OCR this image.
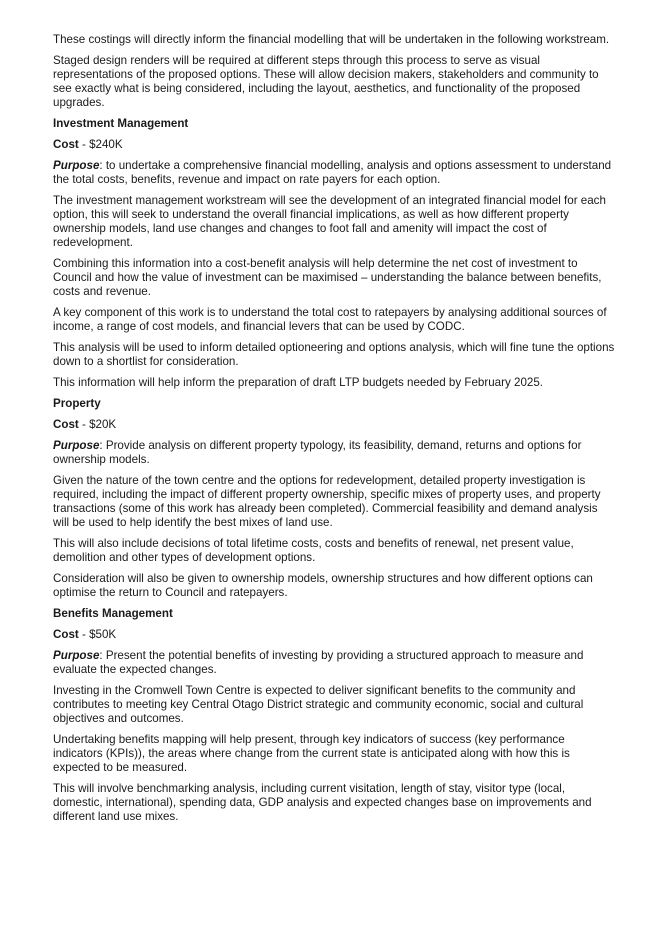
These costings will directly inform the financial modelling that will be undertaken in the following workstream.

Staged design renders will be required at different steps through this process to serve as visual representations of the proposed options. These will allow decision makers, stakeholders and community to see exactly what is being considered, including the layout, aesthetics, and functionality of the proposed upgrades.

Investment Management

Cost - $240K

Purpose: to undertake a comprehensive financial modelling, analysis and options assessment to understand the total costs, benefits, revenue and impact on rate payers for each option.

The investment management workstream will see the development of an integrated financial model for each option, this will seek to understand the overall financial implications, as well as how different property ownership models, land use changes and changes to foot fall and amenity will impact the cost of redevelopment.

Combining this information into a cost-benefit analysis will help determine the net cost of investment to Council and how the value of investment can be maximised – understanding the balance between benefits, costs and revenue.

A key component of this work is to understand the total cost to ratepayers by analysing additional sources of income, a range of cost models, and financial levers that can be used by CODC.

This analysis will be used to inform detailed optioneering and options analysis, which will fine tune the options down to a shortlist for consideration.

This information will help inform the preparation of draft LTP budgets needed by February 2025.

Property

Cost - $20K

Purpose: Provide analysis on different property typology, its feasibility, demand, returns and options for ownership models.

Given the nature of the town centre and the options for redevelopment, detailed property investigation is required, including the impact of different property ownership, specific mixes of property uses, and property transactions (some of this work has already been completed). Commercial feasibility and demand analysis will be used to help identify the best mixes of land use.

This will also include decisions of total lifetime costs, costs and benefits of renewal, net present value, demolition and other types of development options.

Consideration will also be given to ownership models, ownership structures and how different options can optimise the return to Council and ratepayers.

Benefits Management

Cost - $50K

Purpose: Present the potential benefits of investing by providing a structured approach to measure and evaluate the expected changes.

Investing in the Cromwell Town Centre is expected to deliver significant benefits to the community and contributes to meeting key Central Otago District strategic and community economic, social and cultural objectives and outcomes.

Undertaking benefits mapping will help present, through key indicators of success (key performance indicators (KPIs)), the areas where change from the current state is anticipated along with how this is expected to be measured.

This will involve benchmarking analysis, including current visitation, length of stay, visitor type (local, domestic, international), spending data, GDP analysis and expected changes base on improvements and different land use mixes.
